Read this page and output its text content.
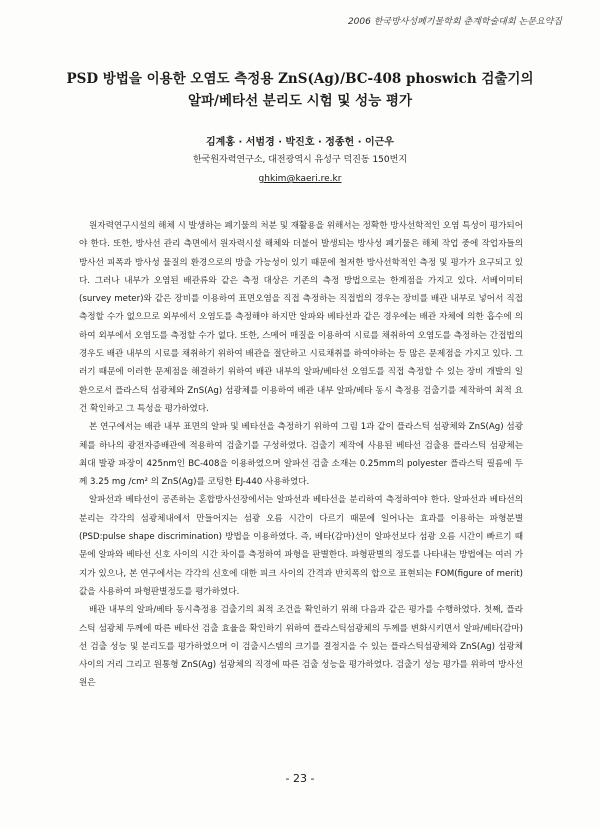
2006 한국방사성폐기물학회 춘계학술대회 논문요약집
PSD 방법을 이용한 오염도 측정용 ZnS(Ag)/BC-408 phoswich 검출기의
알파/베타선 분리도 시험 및 성능 평가
김계홍 · 서범경 · 박진호 · 정종헌 · 이근우
한국원자력연구소, 대전광역시 유성구 덕진동 150번지
ghkim@kaeri.re.kr

원자력연구시설의 해체 시 발생하는 폐기물의 처분 및 재활용을 위해서는 정확한 방사선학적인 오염 특성이 평가되어야 한다. 또한, 방사선 관리 측면에서 원자력시설 해체와 더불어 발생되는 방사성 폐기물은 해체 작업 중에 작업자들의 방사선 피폭과 방사성 물질의 환경으로의 방출 가능성이 있기 때문에 철저한 방사선학적인 측정 및 평가가 요구되고 있다. 그러나 내부가 오염된 배관류와 같은 측정 대상은 기존의 측정 방법으로는 한계점을 가지고 있다. 서베이미터(survey meter)와 같은 장비를 이용하여 표면오염을 직접 측정하는 직접법의 경우는 장비를 배관 내부로 넣어서 직접 측정할 수가 없으므로 외부에서 오염도를 측정해야 하지만 알파와 베타선과 같은 경우에는 배관 자체에 의한 흡수에 의하여 외부에서 오염도를 측정할 수가 없다. 또한, 스메어 매질을 이용하여 시료를 채취하여 오염도를 측정하는 간접법의 경우도 배관 내부의 시료를 채취하기 위하여 배관을 절단하고 시료채취를 하여야하는 등 많은 문제점을 가지고 있다. 그러기 때문에 이러한 문제점을 해결하기 위하여 배관 내부의 알파/베타선 오염도를 직접 측정할 수 있는 장비 개발의 일환으로서 플라스틱 섬광체와 ZnS(Ag) 섬광체를 이용하여 배관 내부 알파/베타 동시 측정용 검출기를 제작하여 최적 요건 확인하고 그 특성을 평가하였다.

본 연구에서는 배관 내부 표면의 알파 및 베타선을 측정하기 위하여 그림 1과 같이 플라스틱 섬광체와 ZnS(Ag) 섬광체를 하나의 광전자증배관에 적용하여 검출기를 구성하였다. 검출기 제작에 사용된 베타선 검출용 플라스틱 섬광체는 최대 발광 파장이 425nm인 BC-408을 이용하였으며 알파선 검출 소재는 0.25mm의 polyester 플라스틱 필름에 두께 3.25 mg /cm² 의 ZnS(Ag)를 코팅한 EJ-440 사용하였다.

알파선과 베타선이 공존하는 혼합방사선장에서는 알파선과 베타선을 분리하여 측정하여야 한다. 알파선과 베타선의 분리는 각각의 섬광체내에서 만들어지는 섬광 오름 시간이 다르기 때문에 일어나는 효과를 이용하는 파형분별(PSD:pulse shape discrimination) 방법을 이용하였다. 즉, 베타(감마)선이 알파선보다 섬광 오름 시간이 빠르기 때문에 알파와 베타선 신호 사이의 시간 차이를 측정하여 파형을 판별한다. 파형판별의 정도를 나타내는 방법에는 여러 가지가 있으나, 본 연구에서는 각각의 신호에 대한 피크 사이의 간격과 반치폭의 합으로 표현되는 FOM(figure of merit) 값을 사용하여 파형판별정도를 평가하였다.

배관 내부의 알파/베타 동시측정용 검출기의 최적 조건을 확인하기 위해 다음과 같은 평가를 수행하였다. 첫째, 플라스틱 섬광체 두께에 따른 베타선 검출 효율을 확인하기 위하여 플라스틱섬광체의 두께를 변화시키면서 알파/베타(감마)선 검출 성능 및 분리도를 평가하였으며 이 검출시스템의 크기를 결정지을 수 있는 플라스틱섬광체와 ZnS(Ag) 섬광체 사이의 거리 그리고 원통형 ZnS(Ag) 섬광체의 직경에 따른 검출 성능을 평가하였다. 검출기 성능 평가를 위하여 방사선원은

- 23 -
